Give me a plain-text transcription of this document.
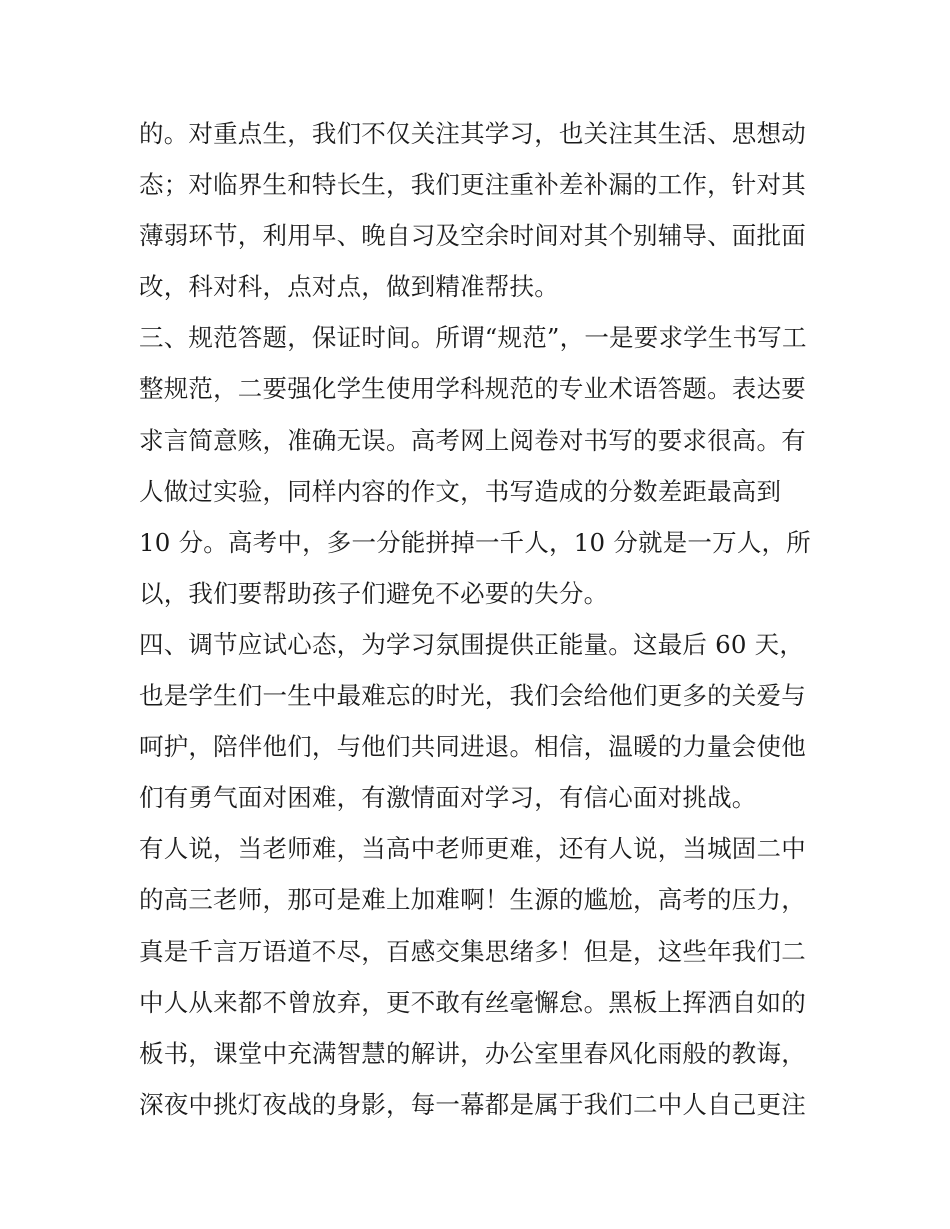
的。对重点生，我们不仅关注其学习，也关注其生活、思想动
态；对临界生和特长生，我们更注重补差补漏的工作，针对其
薄弱环节，利用早、晚自习及空余时间对其个别辅导、面批面
改，科对科，点对点，做到精准帮扶。
三、规范答题，保证时间。所谓“规范”，一是要求学生书写工
整规范，二要强化学生使用学科规范的专业术语答题。表达要
求言简意赅，准确无误。高考网上阅卷对书写的要求很高。有
人做过实验，同样内容的作文，书写造成的分数差距最高到
10 分。高考中，多一分能拼掉一千人，10 分就是一万人，所
以，我们要帮助孩子们避免不必要的失分。
四、调节应试心态，为学习氛围提供正能量。这最后 60 天，
也是学生们一生中最难忘的时光，我们会给他们更多的关爱与
呵护，陪伴他们，与他们共同进退。相信，温暖的力量会使他
们有勇气面对困难，有激情面对学习，有信心面对挑战。
有人说，当老师难，当高中老师更难，还有人说，当城固二中
的高三老师，那可是难上加难啊！生源的尴尬，高考的压力，
真是千言万语道不尽，百感交集思绪多！但是，这些年我们二
中人从来都不曾放弃，更不敢有丝毫懈怠。黑板上挥洒自如的
板书，课堂中充满智慧的解讲，办公室里春风化雨般的教诲，
深夜中挑灯夜战的身影，每一幕都是属于我们二中人自己更注
